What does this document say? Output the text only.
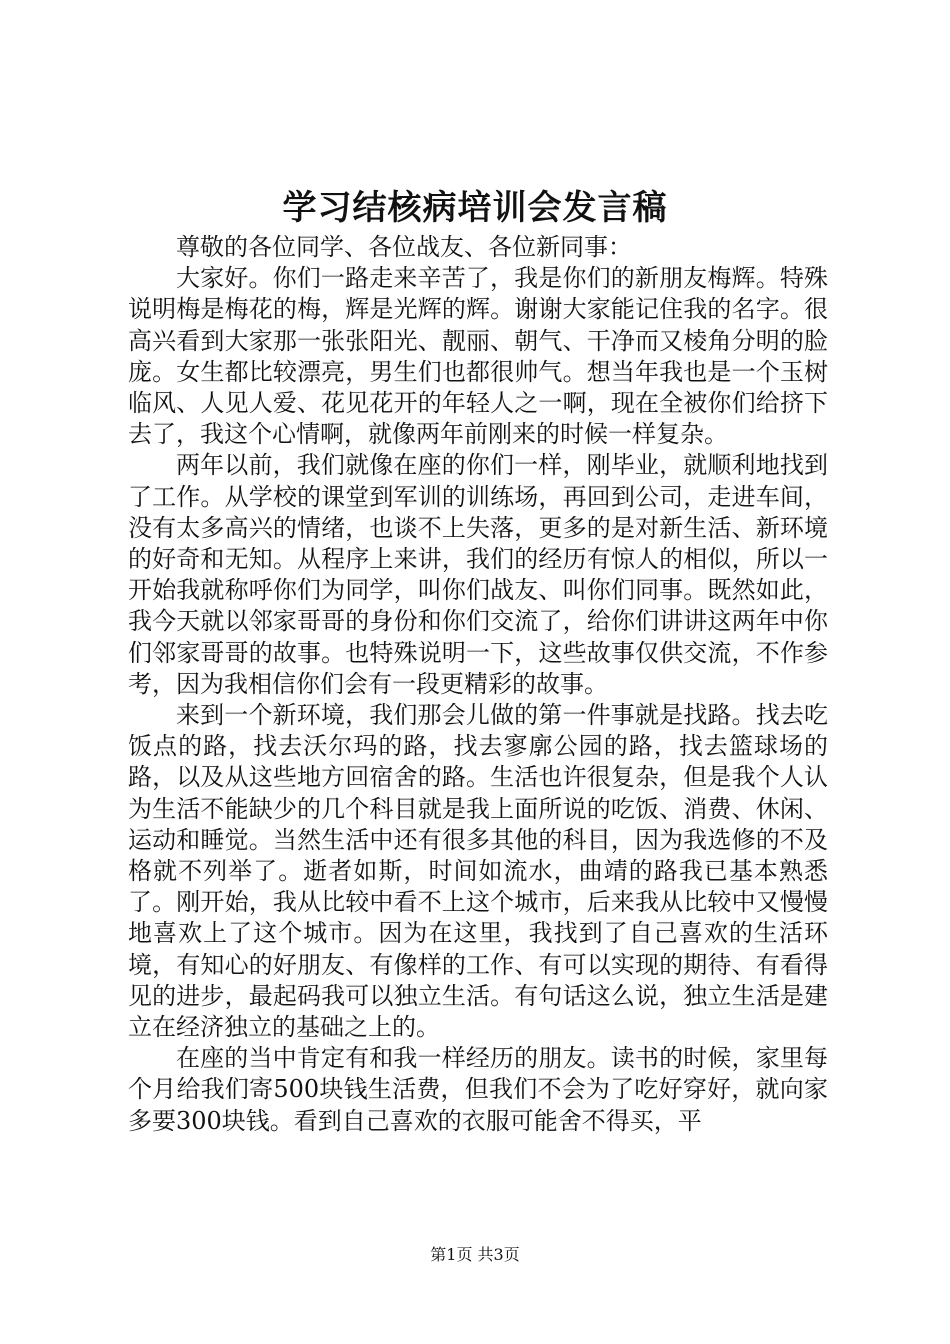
学习结核病培训会发言稿

尊敬的各位同学、各位战友、各位新同事：

大家好。你们一路走来辛苦了，我是你们的新朋友梅辉。特殊说明梅是梅花的梅，辉是光辉的辉。谢谢大家能记住我的名字。很高兴看到大家那一张张阳光、靓丽、朝气、干净而又棱角分明的脸庞。女生都比较漂亮，男生们也都很帅气。想当年我也是一个玉树临风、人见人爱、花见花开的年轻人之一啊，现在全被你们给挤下去了，我这个心情啊，就像两年前刚来的时候一样复杂。

两年以前，我们就像在座的你们一样，刚毕业，就顺利地找到了工作。从学校的课堂到军训的训练场，再回到公司，走进车间，没有太多高兴的情绪，也谈不上失落，更多的是对新生活、新环境的好奇和无知。从程序上来讲，我们的经历有惊人的相似，所以一开始我就称呼你们为同学，叫你们战友、叫你们同事。既然如此，我今天就以邻家哥哥的身份和你们交流了，给你们讲讲这两年中你们邻家哥哥的故事。也特殊说明一下，这些故事仅供交流，不作参考，因为我相信你们会有一段更精彩的故事。

来到一个新环境，我们那会儿做的第一件事就是找路。找去吃饭点的路，找去沃尔玛的路，找去寥廓公园的路，找去篮球场的路，以及从这些地方回宿舍的路。生活也许很复杂，但是我个人认为生活不能缺少的几个科目就是我上面所说的吃饭、消费、休闲、运动和睡觉。当然生活中还有很多其他的科目，因为我选修的不及格就不列举了。逝者如斯，时间如流水，曲靖的路我已基本熟悉了。刚开始，我从比较中看不上这个城市，后来我从比较中又慢慢地喜欢上了这个城市。因为在这里，我找到了自己喜欢的生活环境，有知心的好朋友、有像样的工作、有可以实现的期待、有看得见的进步，最起码我可以独立生活。有句话这么说，独立生活是建立在经济独立的基础之上的。

在座的当中肯定有和我一样经历的朋友。读书的时候，家里每个月给我们寄500块钱生活费，但我们不会为了吃好穿好，就向家多要300块钱。看到自己喜欢的衣服可能舍不得买，平

第1页 共3页
